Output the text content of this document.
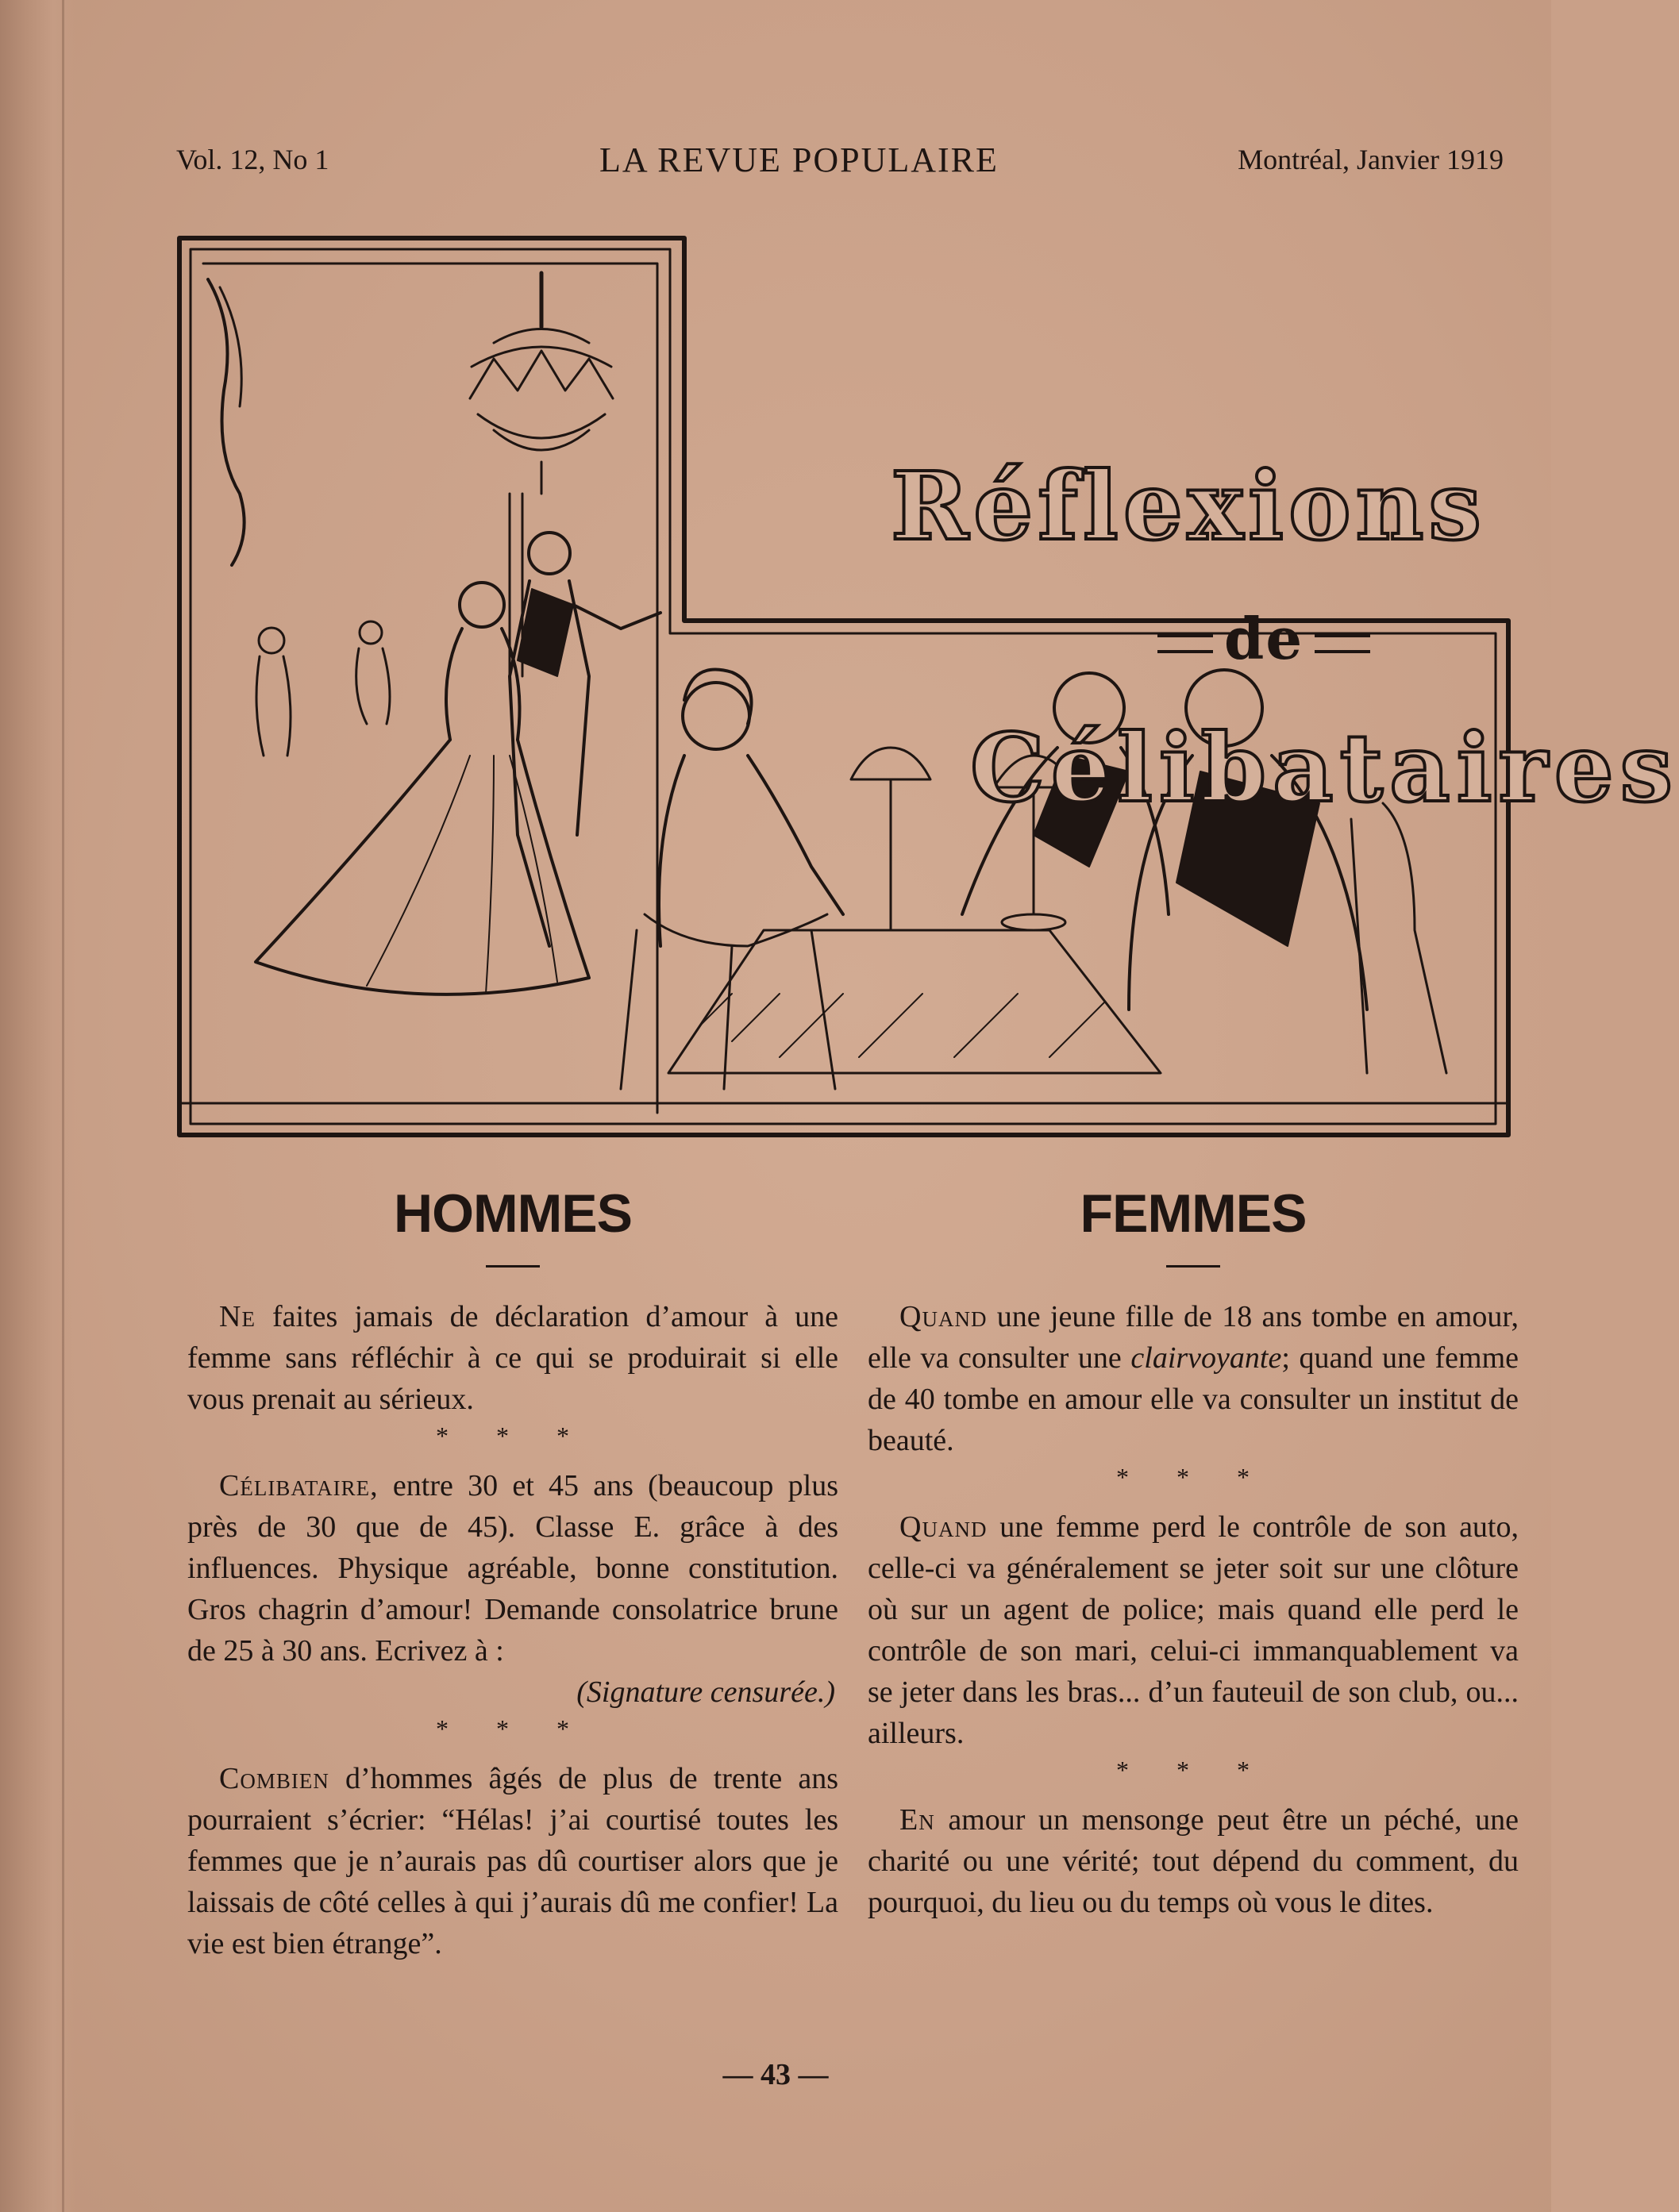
Vol. 12, No 1	LA REVUE POPULAIRE	Montréal, Janvier 1919
Réflexions
de
Célibataires
HOMMES

Ne faites jamais de déclaration d’amour à une femme sans réfléchir à ce qui se produirait si elle vous prenait au sérieux.

* * *

Célibataire, entre 30 et 45 ans (beaucoup plus près de 30 que de 45). Classe E. grâce à des influences. Physique agréable, bonne constitution. Gros chagrin d’amour! Demande consolatrice brune de 25 à 30 ans. Ecrivez à :

(Signature censurée.)

* * *

Combien d’hommes âgés de plus de trente ans pourraient s’écrier: “Hélas! j’ai courtisé toutes les femmes que je n’aurais pas dû courtiser alors que je laissais de côté celles à qui j’aurais dû me confier! La vie est bien étrange”.

FEMMES

Quand une jeune fille de 18 ans tombe en amour, elle va consulter une clairvoyante; quand une femme de 40 tombe en amour elle va consulter un institut de beauté.

* * *

Quand une femme perd le contrôle de son auto, celle-ci va généralement se jeter soit sur une clôture où sur un agent de police; mais quand elle perd le contrôle de son mari, celui-ci immanquablement va se jeter dans les bras... d’un fauteuil de son club, ou... ailleurs.

* * *

En amour un mensonge peut être un péché, une charité ou une vérité; tout dépend du comment, du pourquoi, du lieu ou du temps où vous le dites.

— 43 —
